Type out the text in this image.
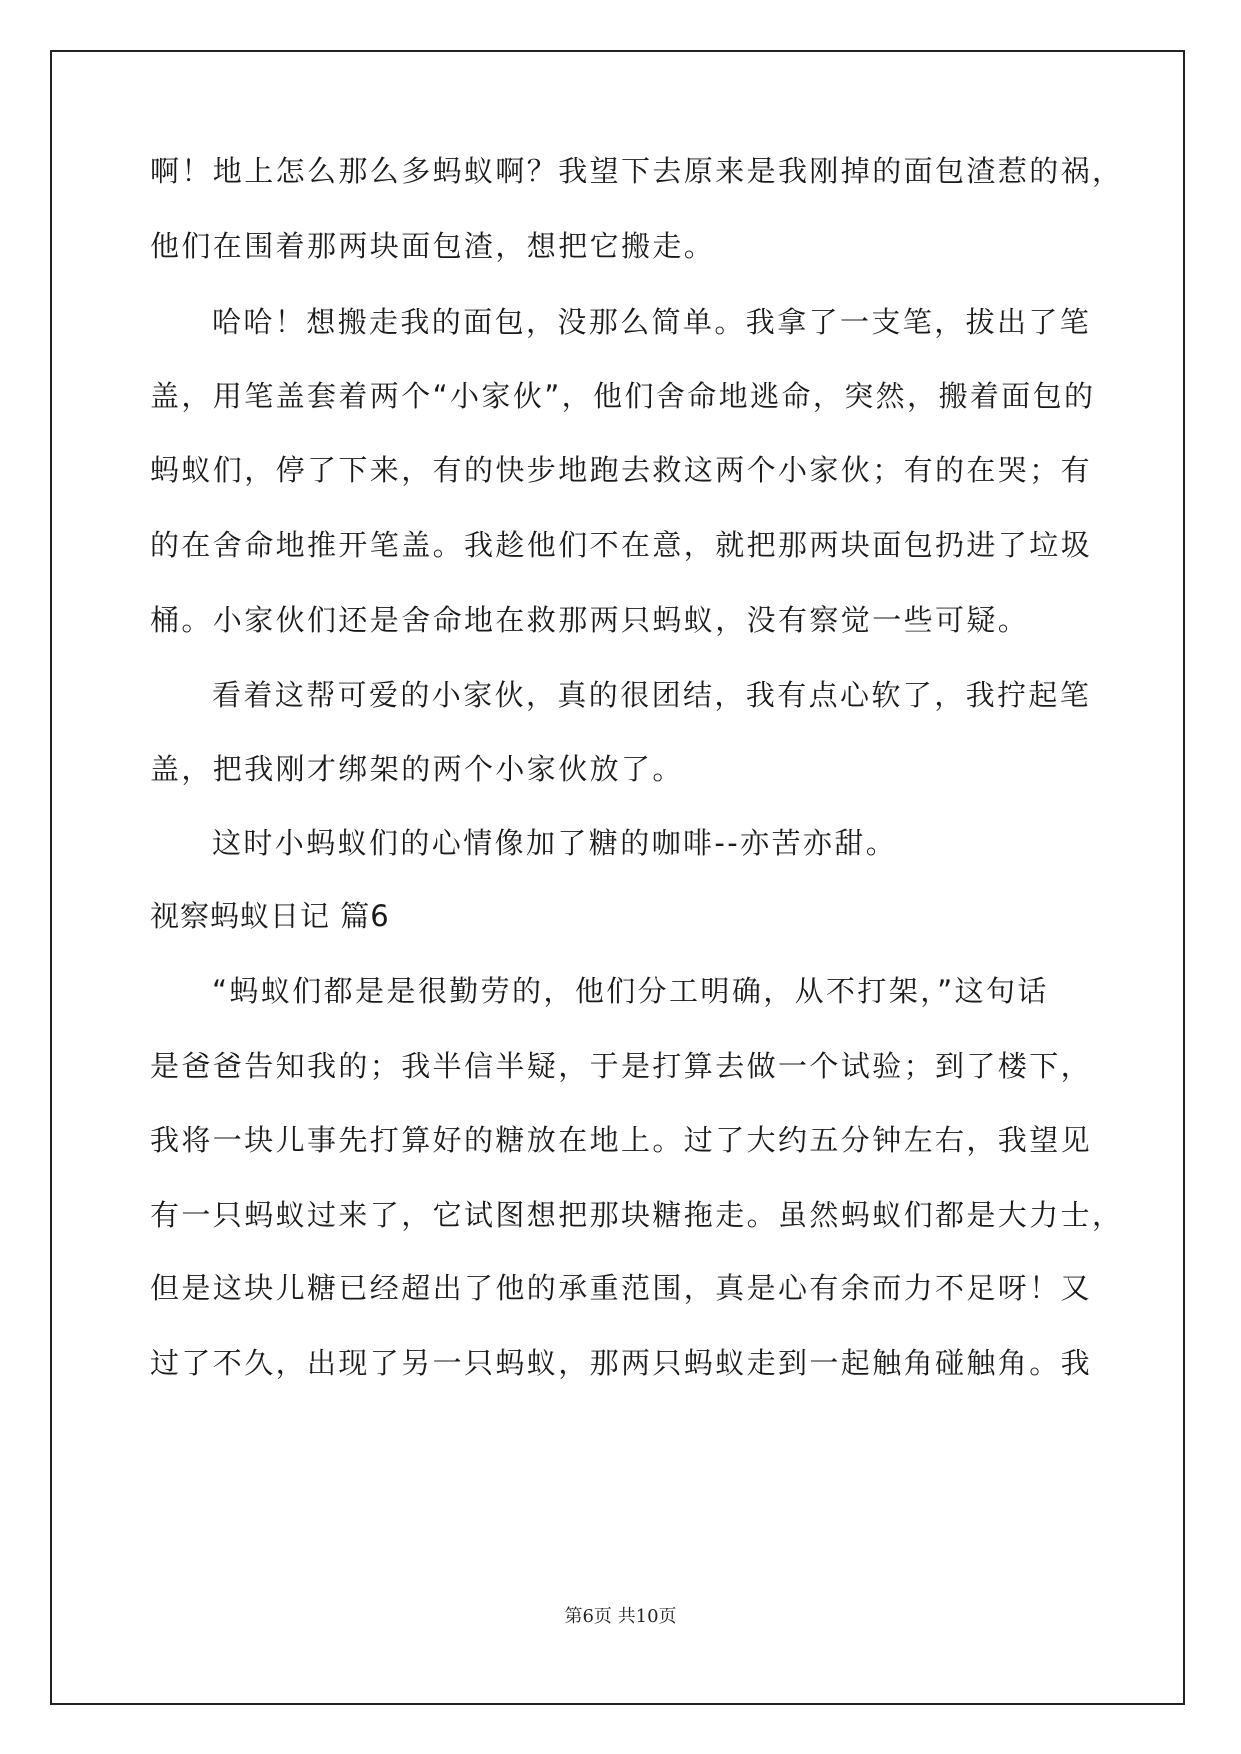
啊！地上怎么那么多蚂蚁啊？我望下去原来是我刚掉的面包渣惹的祸，
他们在围着那两块面包渣，想把它搬走。
哈哈！想搬走我的面包，没那么简单。我拿了一支笔，拔出了笔
盖，用笔盖套着两个“小家伙”，他们舍命地逃命，突然，搬着面包的
蚂蚁们，停了下来，有的快步地跑去救这两个小家伙；有的在哭；有
的在舍命地推开笔盖。我趁他们不在意，就把那两块面包扔进了垃圾
桶。小家伙们还是舍命地在救那两只蚂蚁，没有察觉一些可疑。
看着这帮可爱的小家伙，真的很团结，我有点心软了，我拧起笔
盖，把我刚才绑架的两个小家伙放了。
这时小蚂蚁们的心情像加了糖的咖啡--亦苦亦甜。
视察蚂蚁日记 篇6
“蚂蚁们都是是很勤劳的，他们分工明确，从不打架，”这句话
是爸爸告知我的；我半信半疑，于是打算去做一个试验；到了楼下，
我将一块儿事先打算好的糖放在地上。过了大约五分钟左右，我望见
有一只蚂蚁过来了，它试图想把那块糖拖走。虽然蚂蚁们都是大力士，
但是这块儿糖已经超出了他的承重范围，真是心有余而力不足呀！又
过了不久，出现了另一只蚂蚁，那两只蚂蚁走到一起触角碰触角。我
第6页 共10页
